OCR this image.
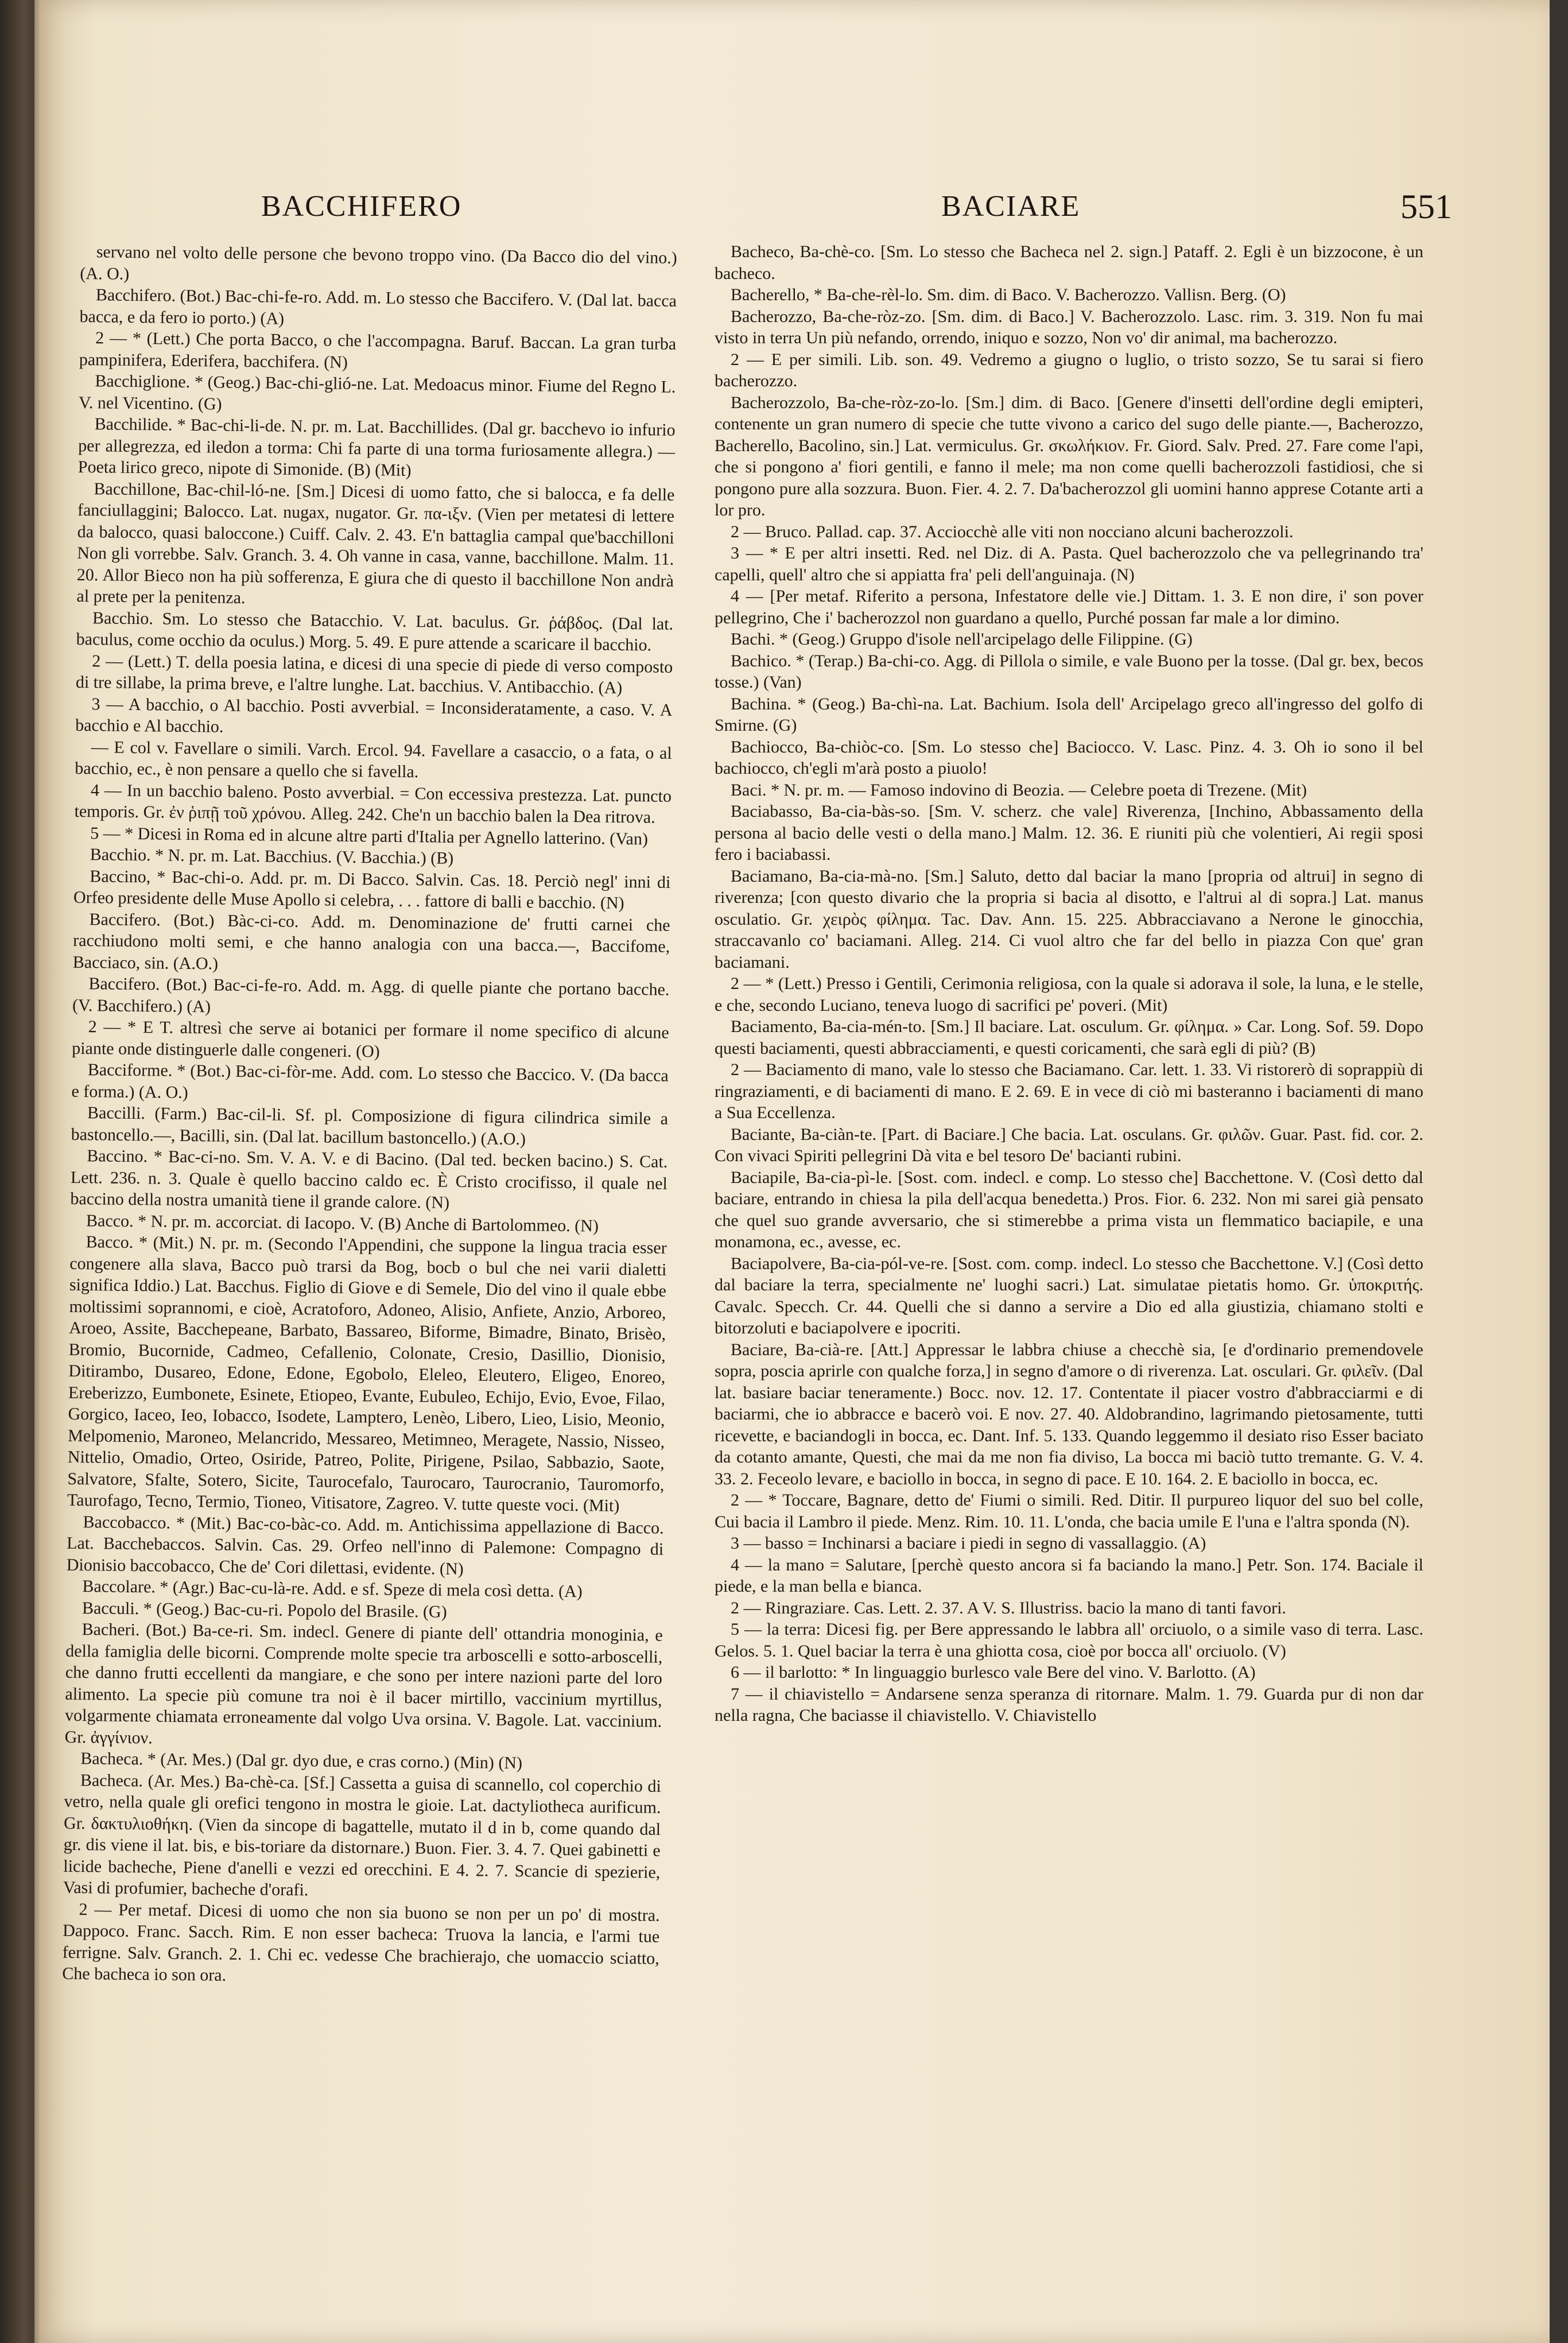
BACCHIFERO	BACIARE	551

servano nel volto delle persone che bevono troppo vino. (Da Bacco dio del vino.) (A. O.)

Bacchifero. (Bot.) Bac-chi-fe-ro. Add. m. Lo stesso che Baccifero. V. (Dal lat. bacca bacca, e da fero io porto.) (A)

2 — * (Lett.) Che porta Bacco, o che l'accompagna. Baruf. Baccan. La gran turba pampinifera, Ederifera, bacchifera. (N)

Bacchiglione. * (Geog.) Bac-chi-glió-ne. Lat. Medoacus minor. Fiume del Regno L. V. nel Vicentino. (G)

Bacchilide. * Bac-chi-li-de. N. pr. m. Lat. Bacchillides. (Dal gr. bacchevo io infurio per allegrezza, ed iledon a torma: Chi fa parte di una torma furiosamente allegra.) — Poeta lirico greco, nipote di Simonide. (B) (Mit)

Bacchillone, Bac-chil-ló-ne. [Sm.] Dicesi di uomo fatto, che si balocca, e fa delle fanciullaggini; Balocco. Lat. nugax, nugator. Gr. πα-ιξν. (Vien per metatesi di lettere da balocco, quasi baloccone.) Cuiff. Calv. 2. 43. E'n battaglia campal que'bacchilloni Non gli vorrebbe. Salv. Granch. 3. 4. Oh vanne in casa, vanne, bacchillone. Malm. 11. 20. Allor Bieco non ha più sofferenza, E giura che di questo il bacchillone Non andrà al prete per la penitenza.

Bacchio. Sm. Lo stesso che Batacchio. V. Lat. baculus. Gr. ῥάβδος. (Dal lat. baculus, come occhio da oculus.) Morg. 5. 49. E pure attende a scaricare il bacchio.

2 — (Lett.) T. della poesia latina, e dicesi di una specie di piede di verso composto di tre sillabe, la prima breve, e l'altre lunghe. Lat. bacchius. V. Antibacchio. (A)

3 — A bacchio, o Al bacchio. Posti avverbial. = Inconsideratamente, a caso. V. A bacchio e Al bacchio.

— E col v. Favellare o simili. Varch. Ercol. 94. Favellare a casaccio, o a fata, o al bacchio, ec., è non pensare a quello che si favella.

4 — In un bacchio baleno. Posto avverbial. = Con eccessiva prestezza. Lat. puncto temporis. Gr. ἐν ῥιπῇ τοῦ χρόνου. Alleg. 242. Che'n un bacchio balen la Dea ritrova.

5 — * Dicesi in Roma ed in alcune altre parti d'Italia per Agnello latterino. (Van)

Bacchio. * N. pr. m. Lat. Bacchius. (V. Bacchia.) (B)

Baccino, * Bac-chi-o. Add. pr. m. Di Bacco. Salvin. Cas. 18. Perciò negl' inni di Orfeo presidente delle Muse Apollo si celebra, . . . fattore di balli e bacchio. (N)

Baccifero. (Bot.) Bàc-ci-co. Add. m. Denominazione de' frutti carnei che racchiudono molti semi, e che hanno analogia con una bacca.—, Baccifome, Bacciaco, sin. (A.O.)

Baccifero. (Bot.) Bac-ci-fe-ro. Add. m. Agg. di quelle piante che portano bacche. (V. Bacchifero.) (A)

2 — * E T. altresì che serve ai botanici per formare il nome specifico di alcune piante onde distinguerle dalle congeneri. (O)

Bacciforme. * (Bot.) Bac-ci-fòr-me. Add. com. Lo stesso che Baccico. V. (Da bacca e forma.) (A. O.)

Baccilli. (Farm.) Bac-cil-li. Sf. pl. Composizione di figura cilindrica simile a bastoncello.—, Bacilli, sin. (Dal lat. bacillum bastoncello.) (A.O.)

Baccino. * Bac-ci-no. Sm. V. A. V. e di Bacino. (Dal ted. becken bacino.) S. Cat. Lett. 236. n. 3. Quale è quello baccino caldo ec. È Cristo crocifisso, il quale nel baccino della nostra umanità tiene il grande calore. (N)

Bacco. * N. pr. m. accorciat. di Iacopo. V. (B) Anche di Bartolommeo. (N)

Bacco. * (Mit.) N. pr. m. (Secondo l'Appendini, che suppone la lingua tracia esser congenere alla slava, Bacco può trarsi da Bog, bocb o bul che nei varii dialetti significa Iddio.) Lat. Bacchus. Figlio di Giove e di Semele, Dio del vino il quale ebbe moltissimi soprannomi, e cioè, Acratoforo, Adoneo, Alisio, Anfiete, Anzio, Arboreo, Aroeo, Assite, Bacchepeane, Barbato, Bassareo, Biforme, Bimadre, Binato, Brisèo, Bromio, Bucornide, Cadmeo, Cefallenio, Colonate, Cresio, Dasillio, Dionisio, Ditirambo, Dusareo, Edone, Edone, Egobolo, Eleleo, Eleutero, Eligeo, Enoreo, Ereberizzo, Eumbonete, Esinete, Etiopeo, Evante, Eubuleo, Echijo, Evio, Evoe, Filao, Gorgico, Iaceo, Ieo, Iobacco, Isodete, Lamptero, Lenèo, Libero, Lieo, Lisio, Meonio, Melpomenio, Maroneo, Melancrido, Messareo, Metimneo, Meragete, Nassio, Nisseo, Nittelio, Omadio, Orteo, Osiride, Patreo, Polite, Pirigene, Psilao, Sabbazio, Saote, Salvatore, Sfalte, Sotero, Sicite, Taurocefalo, Taurocaro, Taurocranio, Tauromorfo, Taurofago, Tecno, Termio, Tioneo, Vitisatore, Zagreo. V. tutte queste voci. (Mit)

Baccobacco. * (Mit.) Bac-co-bàc-co. Add. m. Antichissima appellazione di Bacco. Lat. Bacchebaccos. Salvin. Cas. 29. Orfeo nell'inno di Palemone: Compagno di Dionisio baccobacco, Che de' Cori dilettasi, evidente. (N)

Baccolare. * (Agr.) Bac-cu-là-re. Add. e sf. Speze di mela così detta. (A)

Bacculi. * (Geog.) Bac-cu-ri. Popolo del Brasile. (G)

Bacheri. (Bot.) Ba-ce-ri. Sm. indecl. Genere di piante dell' ottandria monoginia, e della famiglia delle bicorni. Comprende molte specie tra arboscelli e sotto-arboscelli, che danno frutti eccellenti da mangiare, e che sono per intere nazioni parte del loro alimento. La specie più comune tra noi è il bacer mirtillo, vaccinium myrtillus, volgarmente chiamata erroneamente dal volgo Uva orsina. V. Bagole. Lat. vaccinium. Gr. ἀγγίνιον.

Bacheca. * (Ar. Mes.) (Dal gr. dyo due, e cras corno.) (Min) (N)

Bacheca. (Ar. Mes.) Ba-chè-ca. [Sf.] Cassetta a guisa di scannello, col coperchio di vetro, nella quale gli orefici tengono in mostra le gioie. Lat. dactyliotheca aurificum. Gr. δακτυλιοθήκη. (Vien da sincope di bagattelle, mutato il d in b, come quando dal gr. dis viene il lat. bis, e bis-toriare da distornare.) Buon. Fier. 3. 4. 7. Quei gabinetti e licide bacheche, Piene d'anelli e vezzi ed orecchini. E 4. 2. 7. Scancie di spezierie, Vasi di profumier, bacheche d'orafi.

2 — Per metaf. Dicesi di uomo che non sia buono se non per un po' di mostra. Dappoco. Franc. Sacch. Rim. E non esser bacheca: Truova la lancia, e l'armi tue ferrigne. Salv. Granch. 2. 1. Chi ec. vedesse Che brachierajo, che uomaccio sciatto, Che bacheca io son ora.

Bacheco, Ba-chè-co. [Sm. Lo stesso che Bacheca nel 2. sign.] Pataff. 2. Egli è un bizzocone, è un bacheco.

Bacherello, * Ba-che-rèl-lo. Sm. dim. di Baco. V. Bacherozzo. Vallisn. Berg. (O)

Bacherozzo, Ba-che-ròz-zo. [Sm. dim. di Baco.] V. Bacherozzolo. Lasc. rim. 3. 319. Non fu mai visto in terra Un più nefando, orrendo, iniquo e sozzo, Non vo' dir animal, ma bacherozzo.

2 — E per simili. Lib. son. 49. Vedremo a giugno o luglio, o tristo sozzo, Se tu sarai si fiero bacherozzo.

Bacherozzolo, Ba-che-ròz-zo-lo. [Sm.] dim. di Baco. [Genere d'insetti dell'ordine degli emipteri, contenente un gran numero di specie che tutte vivono a carico del sugo delle piante.—, Bacherozzo, Bacherello, Bacolino, sin.] Lat. vermiculus. Gr. σκωλήκιον. Fr. Giord. Salv. Pred. 27. Fare come l'api, che si pongono a' fiori gentili, e fanno il mele; ma non come quelli bacherozzoli fastidiosi, che si pongono pure alla sozzura. Buon. Fier. 4. 2. 7. Da'bacherozzol gli uomini hanno apprese Cotante arti a lor pro.

2 — Bruco. Pallad. cap. 37. Acciocchè alle viti non nocciano alcuni bacherozzoli.

3 — * E per altri insetti. Red. nel Diz. di A. Pasta. Quel bacherozzolo che va pellegrinando tra' capelli, quell' altro che si appiatta fra' peli dell'anguinaja. (N)

4 — [Per metaf. Riferito a persona, Infestatore delle vie.] Dittam. 1. 3. E non dire, i' son pover pellegrino, Che i' bacherozzol non guardano a quello, Purché possan far male a lor dimino.

Bachi. * (Geog.) Gruppo d'isole nell'arcipelago delle Filippine. (G)

Bachico. * (Terap.) Ba-chi-co. Agg. di Pillola o simile, e vale Buono per la tosse. (Dal gr. bex, becos tosse.) (Van)

Bachina. * (Geog.) Ba-chì-na. Lat. Bachium. Isola dell' Arcipelago greco all'ingresso del golfo di Smirne. (G)

Bachiocco, Ba-chiòc-co. [Sm. Lo stesso che] Baciocco. V. Lasc. Pinz. 4. 3. Oh io sono il bel bachiocco, ch'egli m'arà posto a piuolo!

Baci. * N. pr. m. — Famoso indovino di Beozia. — Celebre poeta di Trezene. (Mit)

Baciabasso, Ba-cia-bàs-so. [Sm. V. scherz. che vale] Riverenza, [Inchino, Abbassamento della persona al bacio delle vesti o della mano.] Malm. 12. 36. E riuniti più che volentieri, Ai regii sposi fero i baciabassi.

Baciamano, Ba-cia-mà-no. [Sm.] Saluto, detto dal baciar la mano [propria od altrui] in segno di riverenza; [con questo divario che la propria si bacia al disotto, e l'altrui al di sopra.] Lat. manus osculatio. Gr. χειρὸς φίλημα. Tac. Dav. Ann. 15. 225. Abbracciavano a Nerone le ginocchia, straccavanlo co' baciamani. Alleg. 214. Ci vuol altro che far del bello in piazza Con que' gran baciamani.

2 — * (Lett.) Presso i Gentili, Cerimonia religiosa, con la quale si adorava il sole, la luna, e le stelle, e che, secondo Luciano, teneva luogo di sacrifici pe' poveri. (Mit)

Baciamento, Ba-cia-mén-to. [Sm.] Il baciare. Lat. osculum. Gr. φίλημα. » Car. Long. Sof. 59. Dopo questi baciamenti, questi abbracciamenti, e questi coricamenti, che sarà egli di più? (B)

2 — Baciamento di mano, vale lo stesso che Baciamano. Car. lett. 1. 33. Vi ristorerò di soprappiù di ringraziamenti, e di baciamenti di mano. E 2. 69. E in vece di ciò mi basteranno i baciamenti di mano a Sua Eccellenza.

Baciante, Ba-ciàn-te. [Part. di Baciare.] Che bacia. Lat. osculans. Gr. φιλῶν. Guar. Past. fid. cor. 2. Con vivaci Spiriti pellegrini Dà vita e bel tesoro De' bacianti rubini.

Baciapile, Ba-cia-pì-le. [Sost. com. indecl. e comp. Lo stesso che] Bacchettone. V. (Così detto dal baciare, entrando in chiesa la pila dell'acqua benedetta.) Pros. Fior. 6. 232. Non mi sarei già pensato che quel suo grande avversario, che si stimerebbe a prima vista un flemmatico baciapile, e una monamona, ec., avesse, ec.

Baciapolvere, Ba-cia-pól-ve-re. [Sost. com. comp. indecl. Lo stesso che Bacchettone. V.] (Così detto dal baciare la terra, specialmente ne' luoghi sacri.) Lat. simulatae pietatis homo. Gr. ὑποκριτής. Cavalc. Specch. Cr. 44. Quelli che si danno a servire a Dio ed alla giustizia, chiamano stolti e bitorzoluti e baciapolvere e ipocriti.

Baciare, Ba-cià-re. [Att.] Appressar le labbra chiuse a checchè sia, [e d'ordinario premendovele sopra, poscia aprirle con qualche forza,] in segno d'amore o di riverenza. Lat. osculari. Gr. φιλεῖν. (Dal lat. basiare baciar teneramente.) Bocc. nov. 12. 17. Contentate il piacer vostro d'abbracciarmi e di baciarmi, che io abbracce e bacerò voi. E nov. 27. 40. Aldobrandino, lagrimando pietosamente, tutti ricevette, e baciandogli in bocca, ec. Dant. Inf. 5. 133. Quando leggemmo il desiato riso Esser baciato da cotanto amante, Questi, che mai da me non fia diviso, La bocca mi baciò tutto tremante. G. V. 4. 33. 2. Feceolo levare, e baciollo in bocca, in segno di pace. E 10. 164. 2. E baciollo in bocca, ec.

2 — * Toccare, Bagnare, detto de' Fiumi o simili. Red. Ditir. Il purpureo liquor del suo bel colle, Cui bacia il Lambro il piede. Menz. Rim. 10. 11. L'onda, che bacia umile E l'una e l'altra sponda (N).

3 — basso = Inchinarsi a baciare i piedi in segno di vassallaggio. (A)

4 — la mano = Salutare, [perchè questo ancora si fa baciando la mano.] Petr. Son. 174. Baciale il piede, e la man bella e bianca.

2 — Ringraziare. Cas. Lett. 2. 37. A V. S. Illustriss. bacio la mano di tanti favori.

5 — la terra: Dicesi fig. per Bere appressando le labbra all' orciuolo, o a simile vaso di terra. Lasc. Gelos. 5. 1. Quel baciar la terra è una ghiotta cosa, cioè por bocca all' orciuolo. (V)

6 — il barlotto: * In linguaggio burlesco vale Bere del vino. V. Barlotto. (A)

7 — il chiavistello = Andarsene senza speranza di ritornare. Malm. 1. 79. Guarda pur di non dar nella ragna, Che baciasse il chiavistello. V. Chiavistello
